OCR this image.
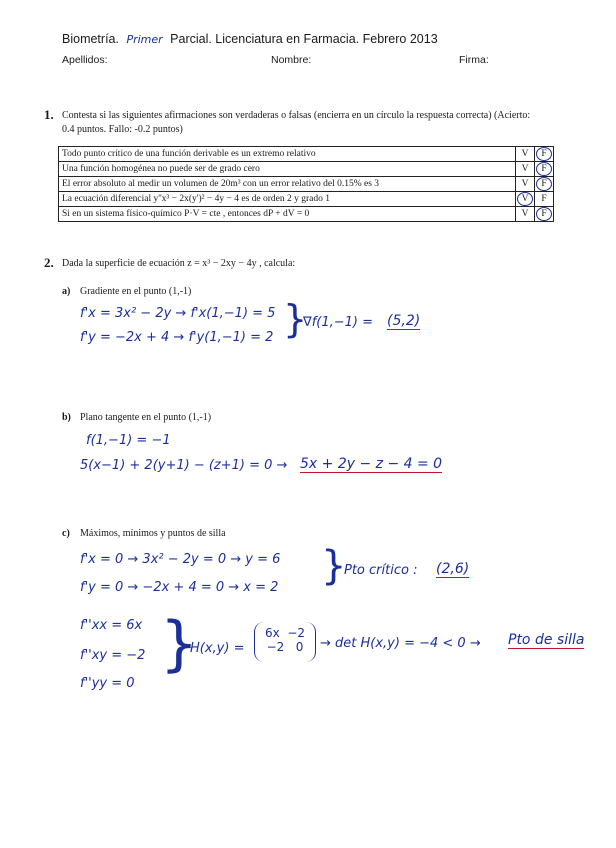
Biometría. Primer Parcial. Licenciatura en Farmacia. Febrero 2013
Apellidos:	Nombre:	Firma:
1. Contesta si las siguientes afirmaciones son verdaderas o falsas (encierra en un círculo la respuesta correcta) (Acierto:
0.4 puntos. Fallo: -0.2 puntos)
Todo punto crítico de una función derivable es un extremo relativo	V	F
Una función homogénea no puede ser de grado cero	V	F
El error absoluto al medir un volumen de 20m³ con un error relativo del 0.15% es 3	V	F
La ecuación diferencial y''x³ − 2x(y')² − 4y − 4 es de orden 2 y grado 1	V	F
Si en un sistema físico-químico P·V = cte , entonces dP + dV = 0	V	F
2. Dada la superficie de ecuación z = x³ − 2xy − 4y , calcula:
a) Gradiente en el punto (1,-1)
f'x = 3x² − 2y → f'x(1,−1) = 5
f'y = −2x + 4 → f'y(1,−1) = 2 }
∇f(1,−1) = (5,2)
b) Plano tangente en el punto (1,-1)
f(1,−1) = −1
5(x−1) + 2(y+1) − (z+1) = 0 → 5x + 2y − z − 4 = 0
c) Máximos, mínimos y puntos de silla
f'x = 0 → 3x² − 2y = 0 → y = 6
f'y = 0 → −2x + 4 = 0 → x = 2 }
Pto crítico : (2,6)
f''xx = 6x
f''xy = −2
f''yy = 0
}
H(x,y) =
6x  −2
−2   0	→ det H(x,y) = −4 < 0 → Pto de silla
